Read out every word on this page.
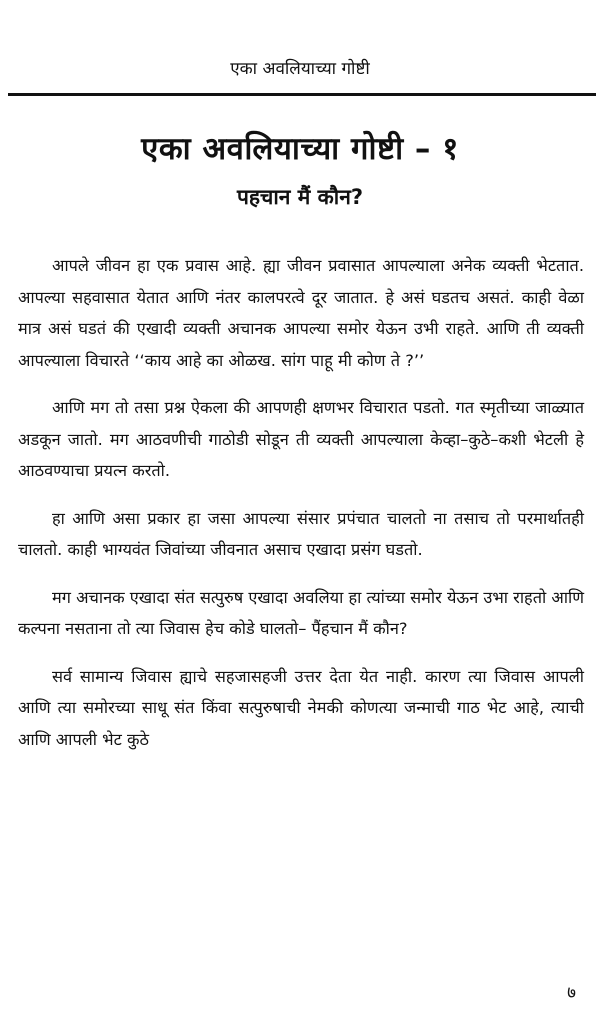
एका अवलियाच्या गोष्टी
एका अवलियाच्या गोष्टी – १
पहचान मैं कौन?

आपले जीवन हा एक प्रवास आहे. ह्या जीवन प्रवासात आपल्याला अनेक व्यक्ती भेटतात. आपल्या सहवासात येतात आणि नंतर कालपरत्वे दूर जातात. हे असं घडतच असतं. काही वेळा मात्र असं घडतं की एखादी व्यक्ती अचानक आपल्या समोर येऊन उभी राहते. आणि ती व्यक्ती आपल्याला विचारते ‘‘काय आहे का ओळख. सांग पाहू मी कोण ते ?’’

आणि मग तो तसा प्रश्न ऐकला की आपणही क्षणभर विचारात पडतो. गत स्मृतीच्या जाळ्यात अडकून जातो. मग आठवणीची गाठोडी सोडून ती व्यक्ती आपल्याला केव्हा–कुठे–कशी भेटली हे आठवण्याचा प्रयत्न करतो.

हा आणि असा प्रकार हा जसा आपल्या संसार प्रपंचात चालतो ना तसाच तो परमार्थातही चालतो. काही भाग्यवंत जिवांच्या जीवनात असाच एखादा प्रसंग घडतो.

मग अचानक एखादा संत सत्पुरुष एखादा अवलिया हा त्यांच्या समोर येऊन उभा राहतो आणि कल्पना नसताना तो त्या जिवास हेच कोडे घालतो– पैंहचान मैं कौन?

सर्व सामान्य जिवास ह्याचे सहजासहजी उत्तर देता येत नाही. कारण त्या जिवास आपली आणि त्या समोरच्या साधू संत किंवा सत्पुरुषाची नेमकी कोणत्या जन्माची गाठ भेट आहे, त्याची आणि आपली भेट कुठे

७
